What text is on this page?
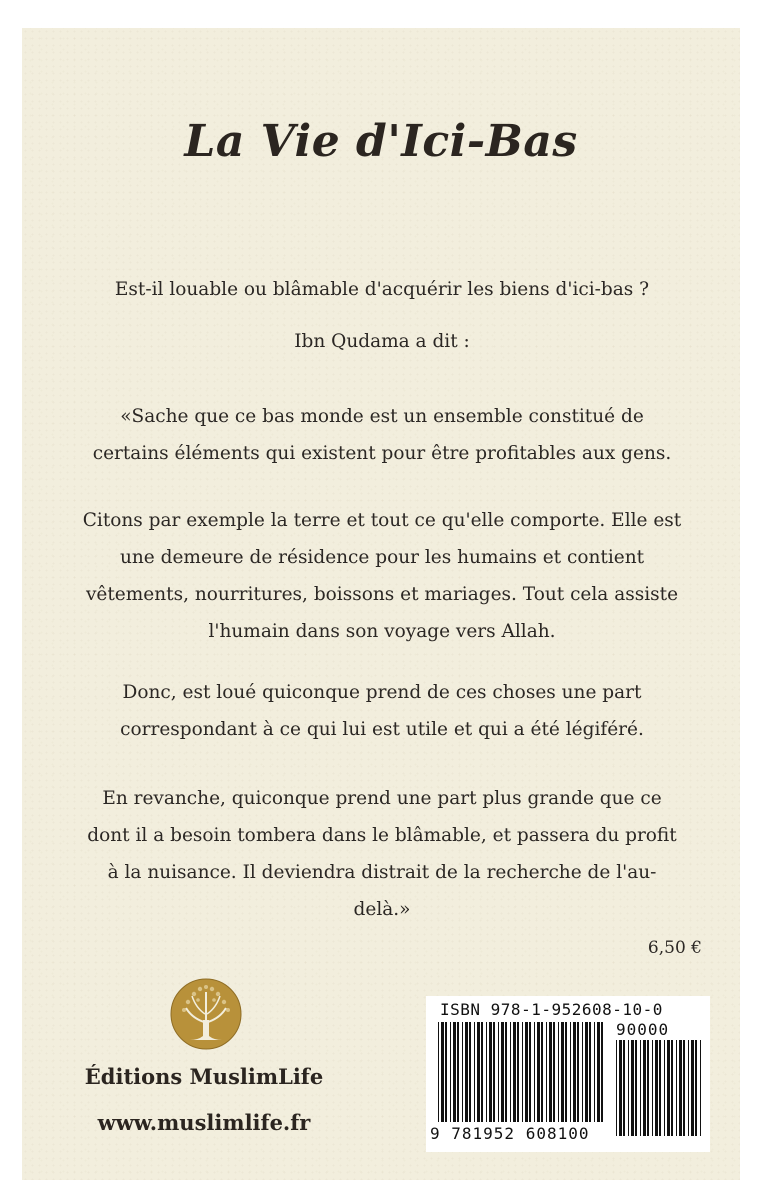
La Vie d'Ici-Bas
Est-il louable ou blâmable d'acquérir les biens d'ici-bas ?
Ibn Qudama a dit :
«Sache que ce bas monde est un ensemble constitué de certains éléments qui existent pour être profitables aux gens.
Citons par exemple la terre et tout ce qu'elle comporte. Elle est une demeure de résidence pour les humains et contient vêtements, nourritures, boissons et mariages. Tout cela assiste l'humain dans son voyage vers Allah.
Donc, est loué quiconque prend de ces choses une part correspondant à ce qui lui est utile et qui a été légiféré.
En revanche, quiconque prend une part plus grande que ce dont il a besoin tombera dans le blâmable, et passera du profit à la nuisance. Il deviendra distrait de la recherche de l'au-delà.»
6,50 €
Éditions MuslimLife
www.muslimlife.fr
ISBN 978-1-952608-10-0
90000
9 781952 608100
